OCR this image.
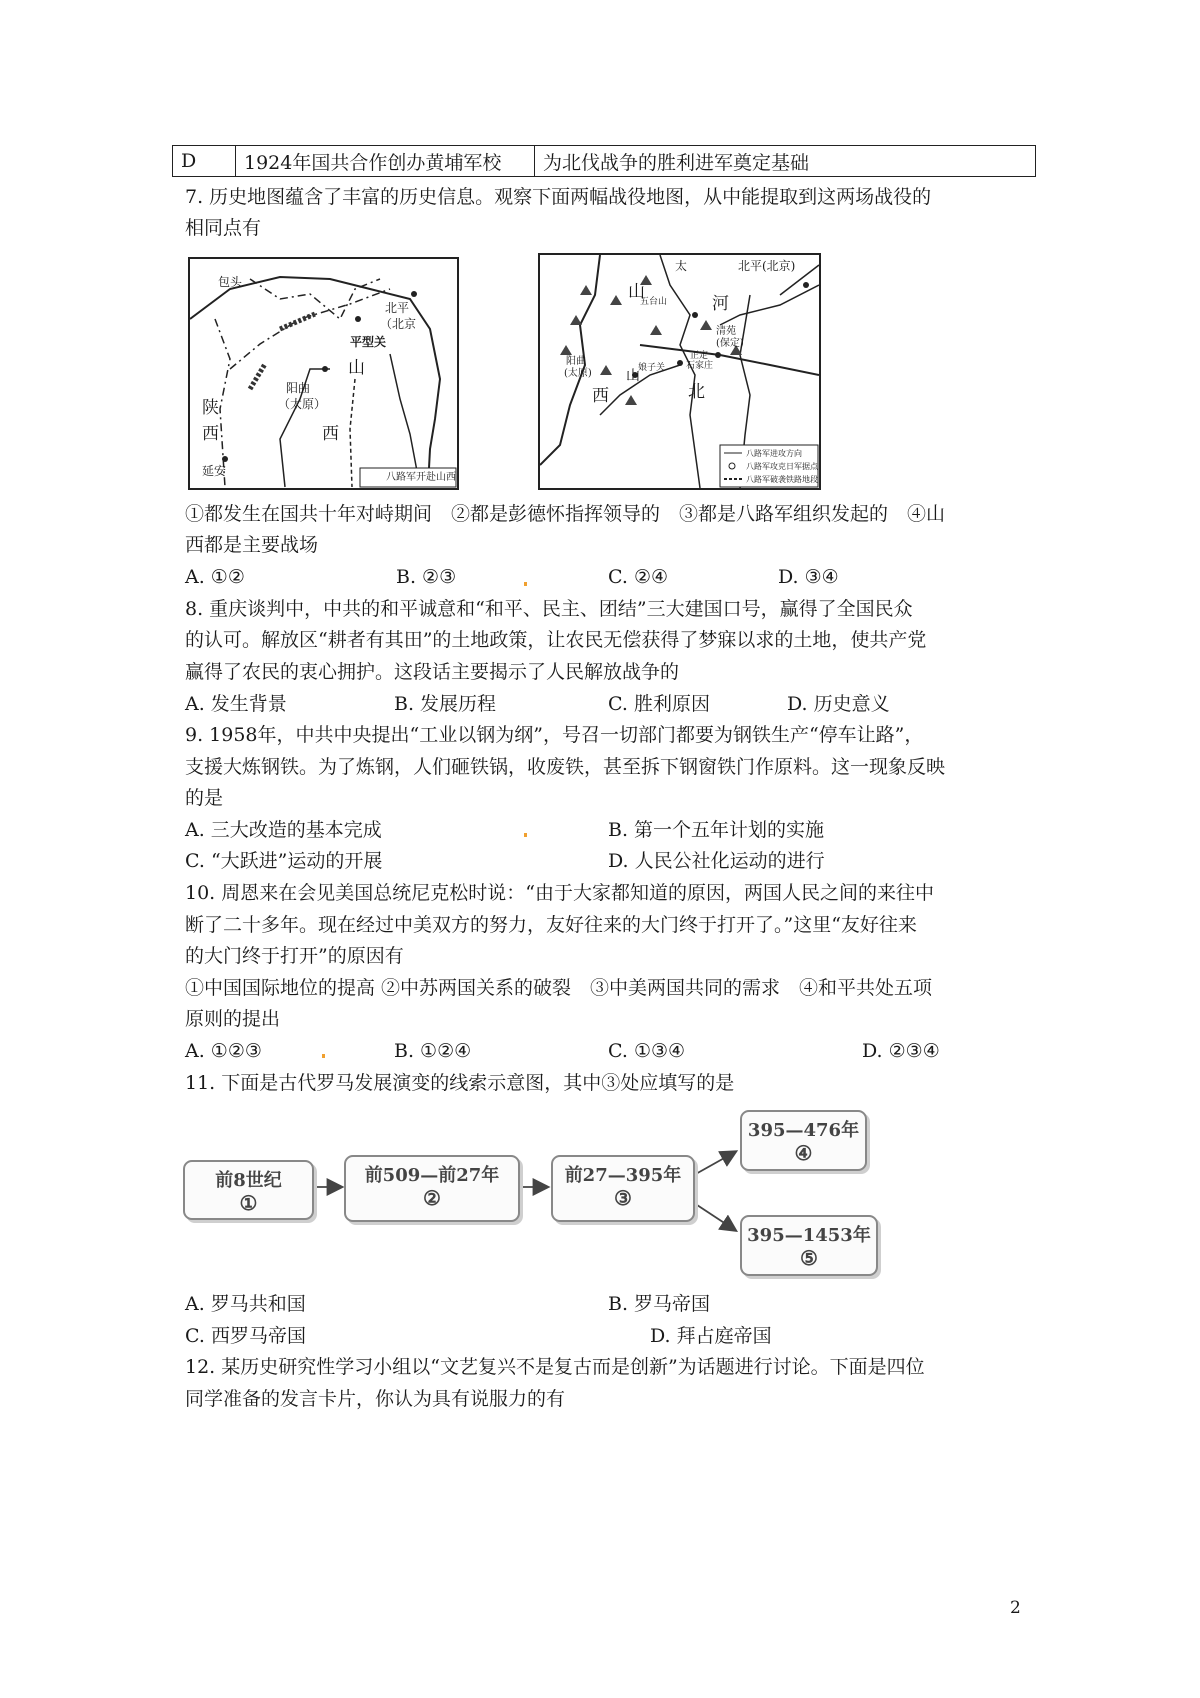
D	1924年国共合作创办黄埔军校	为北伐战争的胜利进军奠定基础
7. 历史地图蕴含了丰富的历史信息。观察下面两幅战役地图，从中能提取到这两场战役的
相同点有
包头
北平
（北京
平型关
山
阳曲
（太原）
陕
西	西
延安	八路军开赴山西
太	北平(北京)
山
河
五台山
清苑
(保定)
正定
石家庄
阳曲
(太原)	娘子关
西
山
北
八路军进攻方向
八路军攻克日军据点
八路军破袭铁路地段
①都发生在国共十年对峙期间　②都是彭德怀指挥领导的　③都是八路军组织发起的　④山
西都是主要战场
A. ①②	B. ②③	C. ②④	D. ③④
8. 重庆谈判中，中共的和平诚意和“和平、民主、团结”三大建国口号，赢得了全国民众
的认可。解放区“耕者有其田”的土地政策，让农民无偿获得了梦寐以求的土地，使共产党
赢得了农民的衷心拥护。这段话主要揭示了人民解放战争的
A. 发生背景	B. 发展历程	C. 胜利原因	D. 历史意义
9. 1958年，中共中央提出“工业以钢为纲”，号召一切部门都要为钢铁生产“停车让路”，
支援大炼钢铁。为了炼钢，人们砸铁锅，收废铁，甚至拆下钢窗铁门作原料。这一现象反映
的是
A. 三大改造的基本完成	B. 第一个五年计划的实施
C. “大跃进”运动的开展	D. 人民公社化运动的进行
10. 周恩来在会见美国总统尼克松时说：“由于大家都知道的原因，两国人民之间的来往中
断了二十多年。现在经过中美双方的努力，友好往来的大门终于打开了。”这里“友好往来
的大门终于打开”的原因有
①中国国际地位的提高 ②中苏两国关系的破裂　③中美两国共同的需求　④和平共处五项
原则的提出
A. ①②③	B. ①②④	C. ①③④	D. ②③④
11. 下面是古代罗马发展演变的线索示意图，其中③处应填写的是
前8世纪
①
前509—前27年
②
前27—395年
③
395—476年
④
395—1453年
⑤
A. 罗马共和国	B. 罗马帝国
C. 西罗马帝国	D. 拜占庭帝国
12. 某历史研究性学习小组以“文艺复兴不是复古而是创新”为话题进行讨论。下面是四位
同学准备的发言卡片，你认为具有说服力的有
2
